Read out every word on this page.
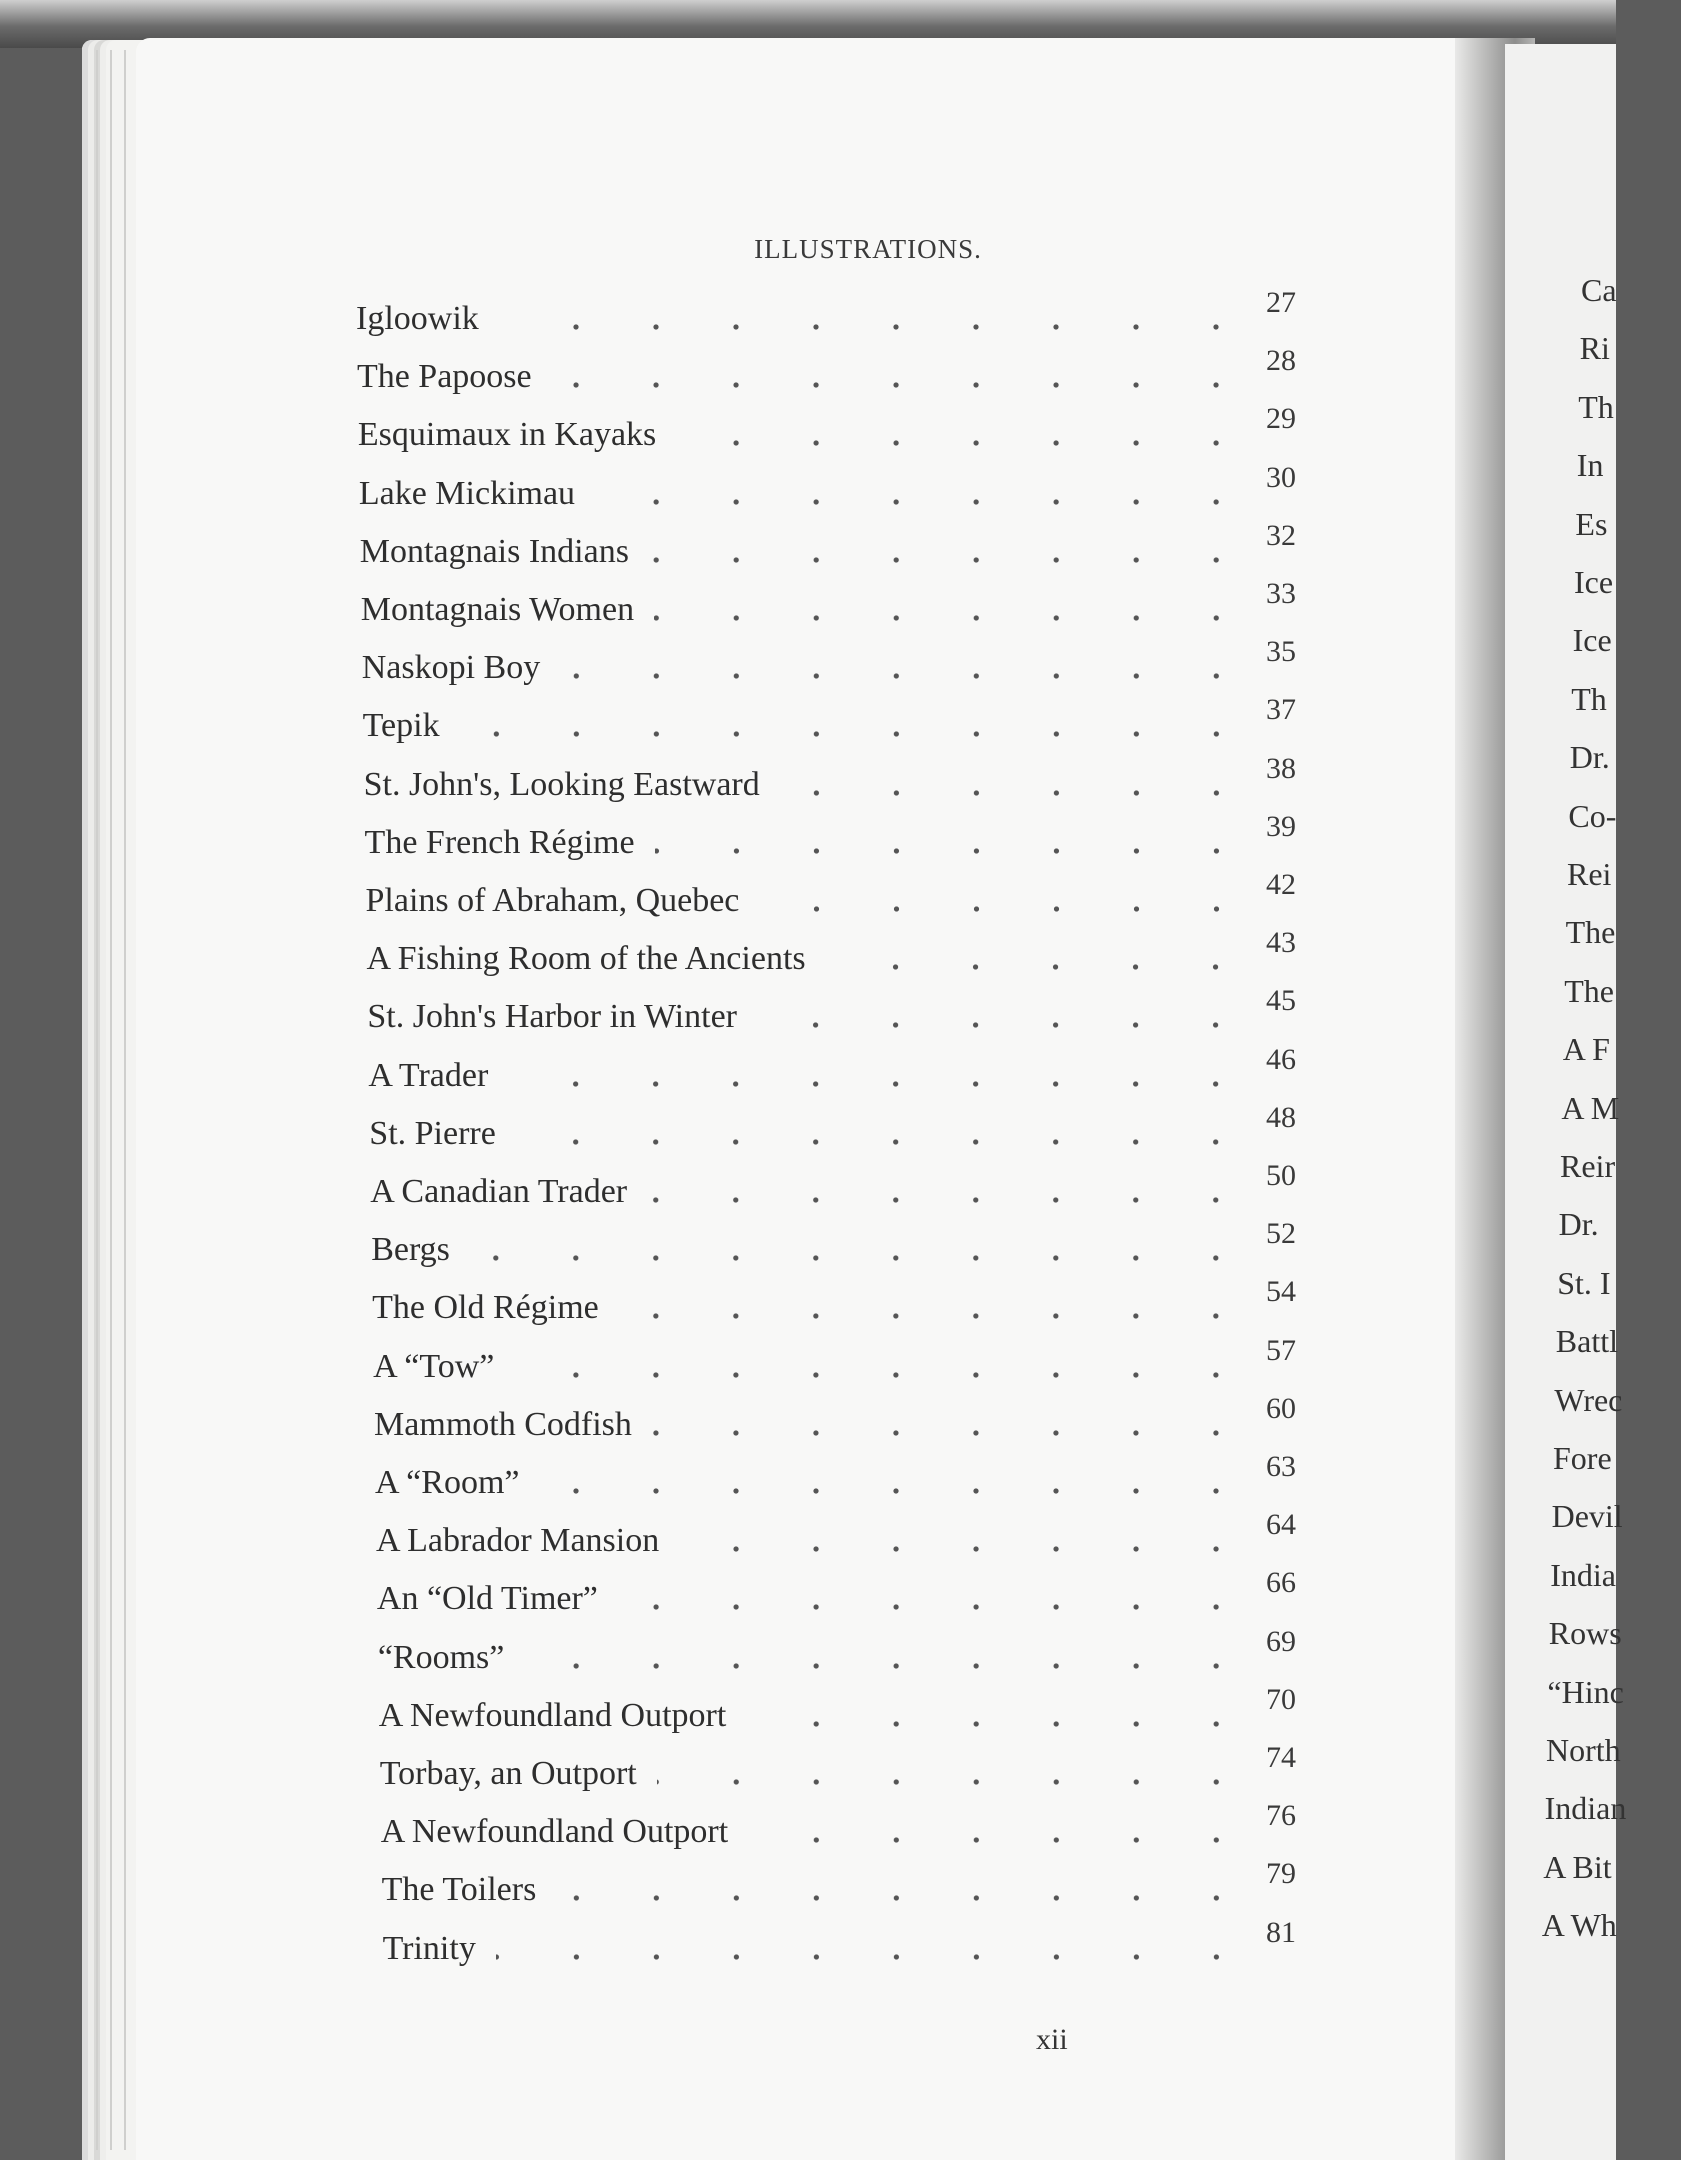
ILLUSTRATIONS.
Igloowik	27
The Papoose	28
Esquimaux in Kayaks	29
Lake Mickimau	30
Montagnais Indians	32
Montagnais Women	33
Naskopi Boy	35
Tepik	37
St. John's, Looking Eastward	38
The French Régime	39
Plains of Abraham, Quebec	42
A Fishing Room of the Ancients	43
St. John's Harbor in Winter	45
A Trader	46
St. Pierre	48
A Canadian Trader	50
Bergs	52
The Old Régime	54
A “Tow”	57
Mammoth Codfish	60
A “Room”	63
A Labrador Mansion	64
An “Old Timer”	66
“Rooms”	69
A Newfoundland Outport	70
Torbay, an Outport	74
A Newfoundland Outport	76
The Toilers	79
Trinity	81
xii
Ca
Ri
Th
In
Es
Ice
Ice
Th
Dr.
Co-
Rei
The
The
A F
A M
Reir
Dr.
St. I
Battl
Wrec
Fore
Devil
India
Rows
“Hinc
North
Indian
A Bit
A Wh
